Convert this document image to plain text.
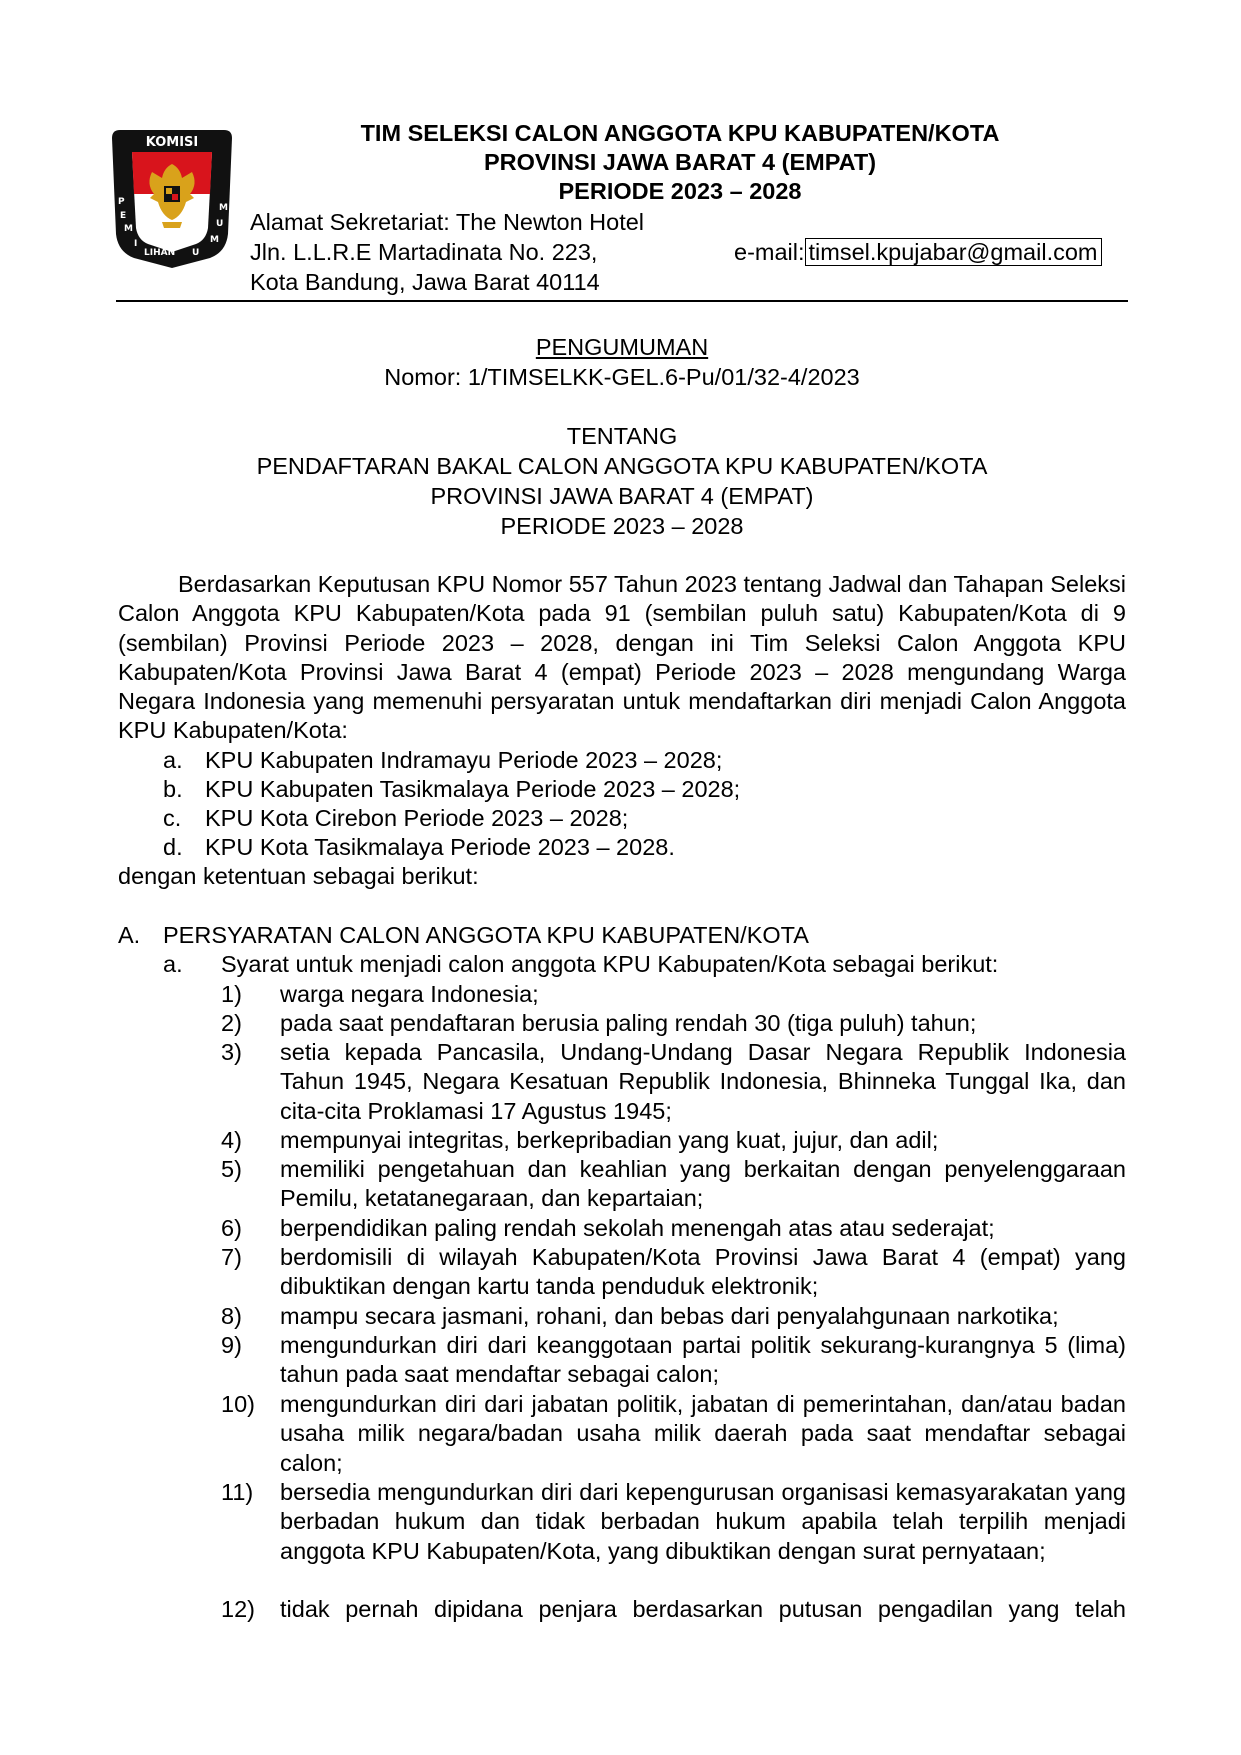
KOMISI
P
E
M
I
LIHAN U
M
U
M
TIM SELEKSI CALON ANGGOTA KPU KABUPATEN/KOTA
PROVINSI JAWA BARAT 4 (EMPAT)
PERIODE 2023 – 2028
Alamat Sekretariat: The Newton Hotel
Jln. L.L.R.E Martadinata No. 223,
Kota Bandung, Jawa Barat 40114
e-mail: timsel.kpujabar@gmail.com
PENGUMUMAN
Nomor: 1/TIMSELKK-GEL.6-Pu/01/32-4/2023
TENTANG
PENDAFTARAN BAKAL CALON ANGGOTA KPU KABUPATEN/KOTA
PROVINSI JAWA BARAT 4 (EMPAT)
PERIODE 2023 – 2028
Berdasarkan Keputusan KPU Nomor 557 Tahun 2023 tentang Jadwal dan Tahapan Seleksi Calon Anggota KPU Kabupaten/Kota pada 91 (sembilan puluh satu) Kabupaten/Kota di 9 (sembilan) Provinsi Periode 2023 – 2028, dengan ini Tim Seleksi Calon Anggota KPU Kabupaten/Kota Provinsi Jawa Barat 4 (empat) Periode 2023 – 2028 mengundang Warga Negara Indonesia yang memenuhi persyaratan untuk mendaftarkan diri menjadi Calon Anggota KPU Kabupaten/Kota:
a. KPU Kabupaten Indramayu Periode 2023 – 2028;
b. KPU Kabupaten Tasikmalaya Periode 2023 – 2028;
c. KPU Kota Cirebon Periode 2023 – 2028;
d. KPU Kota Tasikmalaya Periode 2023 – 2028.
dengan ketentuan sebagai berikut:
A. PERSYARATAN CALON ANGGOTA KPU KABUPATEN/KOTA
a. Syarat untuk menjadi calon anggota KPU Kabupaten/Kota sebagai berikut:
1) warga negara Indonesia;
2) pada saat pendaftaran berusia paling rendah 30 (tiga puluh) tahun;
3) setia kepada Pancasila, Undang-Undang Dasar Negara Republik Indonesia Tahun 1945, Negara Kesatuan Republik Indonesia, Bhinneka Tunggal Ika, dan cita-cita Proklamasi 17 Agustus 1945;
4) mempunyai integritas, berkepribadian yang kuat, jujur, dan adil;
5) memiliki pengetahuan dan keahlian yang berkaitan dengan penyelenggaraan Pemilu, ketatanegaraan, dan kepartaian;
6) berpendidikan paling rendah sekolah menengah atas atau sederajat;
7) berdomisili di wilayah Kabupaten/Kota Provinsi Jawa Barat 4 (empat) yang dibuktikan dengan kartu tanda penduduk elektronik;
8) mampu secara jasmani, rohani, dan bebas dari penyalahgunaan narkotika;
9) mengundurkan diri dari keanggotaan partai politik sekurang-kurangnya 5 (lima) tahun pada saat mendaftar sebagai calon;
10) mengundurkan diri dari jabatan politik, jabatan di pemerintahan, dan/atau badan usaha milik negara/badan usaha milik daerah pada saat mendaftar sebagai calon;
11) bersedia mengundurkan diri dari kepengurusan organisasi kemasyarakatan yang berbadan hukum dan tidak berbadan hukum apabila telah terpilih menjadi anggota KPU Kabupaten/Kota, yang dibuktikan dengan surat pernyataan;
12) tidak pernah dipidana penjara berdasarkan putusan pengadilan yang telah
